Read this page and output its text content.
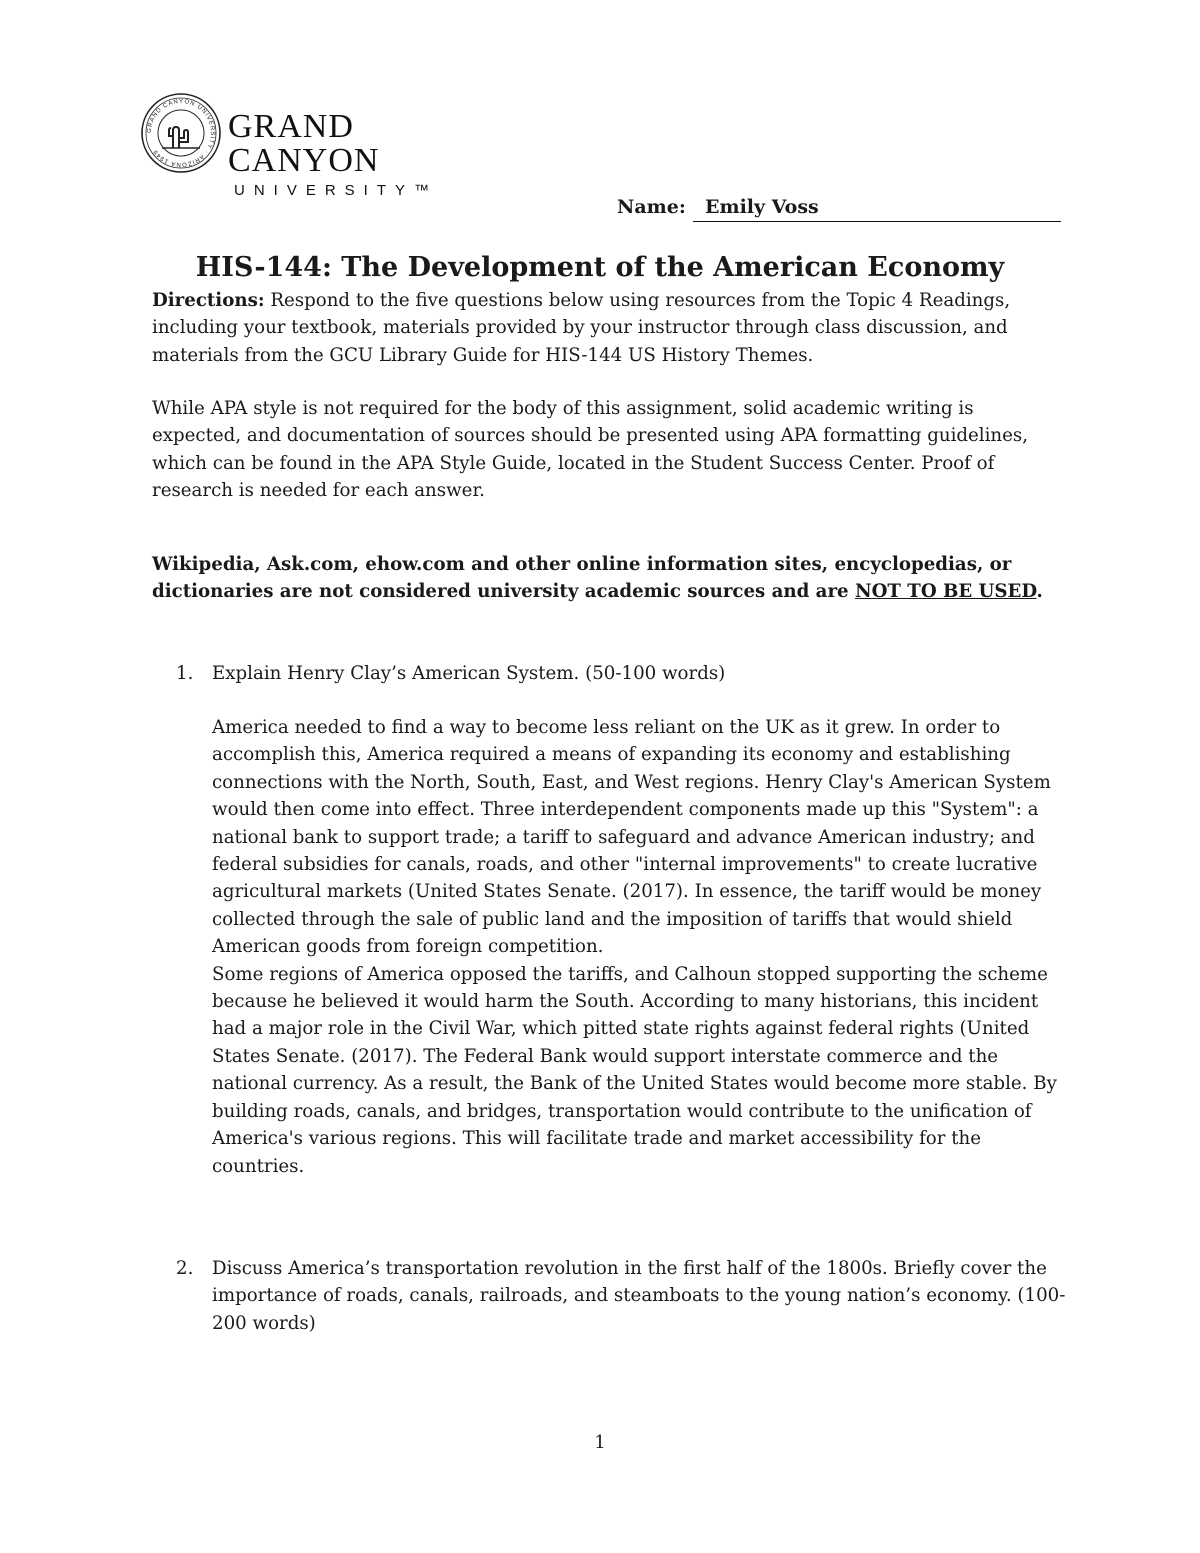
GRAND CANYON UNIVERSITY · ARIZONA 1949
GRAND CANYON
UNIVERSITY™
Name: Emily Voss
HIS-144: The Development of the American Economy
Directions: Respond to the five questions below using resources from the Topic 4 Readings, including your textbook, materials provided by your instructor through class discussion, and materials from the GCU Library Guide for HIS-144 US History Themes.
While APA style is not required for the body of this assignment, solid academic writing is expected, and documentation of sources should be presented using APA formatting guidelines, which can be found in the APA Style Guide, located in the Student Success Center. Proof of research is needed for each answer.
Wikipedia, Ask.com, ehow.com and other online information sites, encyclopedias, or dictionaries are not considered university academic sources and are NOT TO BE USED.
1. Explain Henry Clay’s American System. (50-100 words)
America needed to find a way to become less reliant on the UK as it grew. In order to accomplish this, America required a means of expanding its economy and establishing connections with the North, South, East, and West regions. Henry Clay's American System would then come into effect. Three interdependent components made up this "System": a national bank to support trade; a tariff to safeguard and advance American industry; and federal subsidies for canals, roads, and other "internal improvements" to create lucrative agricultural markets (United States Senate. (2017). In essence, the tariff would be money collected through the sale of public land and the imposition of tariffs that would shield American goods from foreign competition.
Some regions of America opposed the tariffs, and Calhoun stopped supporting the scheme because he believed it would harm the South. According to many historians, this incident had a major role in the Civil War, which pitted state rights against federal rights (United States Senate. (2017). The Federal Bank would support interstate commerce and the national currency. As a result, the Bank of the United States would become more stable. By building roads, canals, and bridges, transportation would contribute to the unification of America's various regions. This will facilitate trade and market accessibility for the countries.
2. Discuss America’s transportation revolution in the first half of the 1800s. Briefly cover the importance of roads, canals, railroads, and steamboats to the young nation’s economy. (100-200 words)
1
